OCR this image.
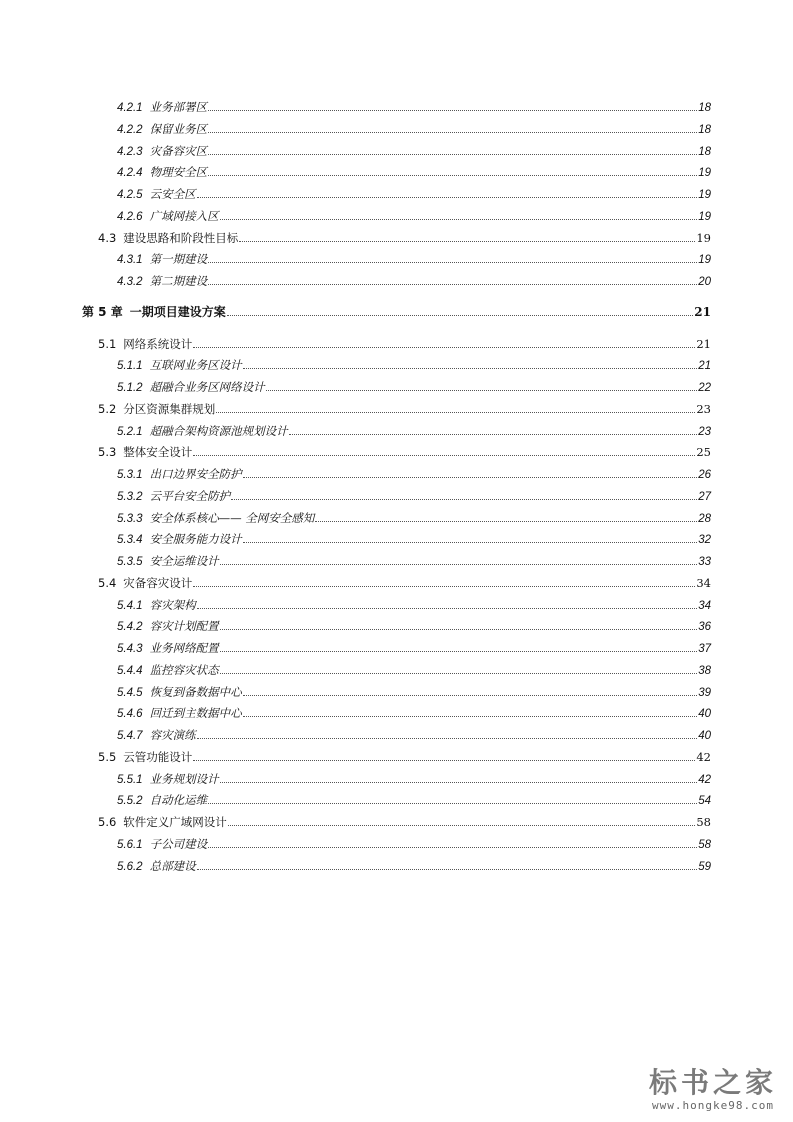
4.2.1 业务部署区	18
4.2.2 保留业务区	18
4.2.3 灾备容灾区	18
4.2.4 物理安全区	19
4.2.5 云安全区	19
4.2.6 广域网接入区	19
4.3 建设思路和阶段性目标	19
4.3.1 第一期建设	19
4.3.2 第二期建设	20
第 5 章 一期项目建设方案	21
5.1 网络系统设计	21
5.1.1 互联网业务区设计	21
5.1.2 超融合业务区网络设计	22
5.2 分区资源集群规划	23
5.2.1 超融合架构资源池规划设计	23
5.3 整体安全设计	25
5.3.1 出口边界安全防护	26
5.3.2 云平台安全防护	27
5.3.3 安全体系核心—— 全网安全感知	28
5.3.4 安全服务能力设计	32
5.3.5 安全运维设计	33
5.4 灾备容灾设计	34
5.4.1 容灾架构	34
5.4.2 容灾计划配置	36
5.4.3 业务网络配置	37
5.4.4 监控容灾状态	38
5.4.5 恢复到备数据中心	39
5.4.6 回迁到主数据中心	40
5.4.7 容灾演练	40
5.5 云管功能设计	42
5.5.1 业务规划设计	42
5.5.2 自动化运维	54
5.6 软件定义广域网设计	58
5.6.1 子公司建设	58
5.6.2 总部建设	59
标书之家
www.hongke98.com
